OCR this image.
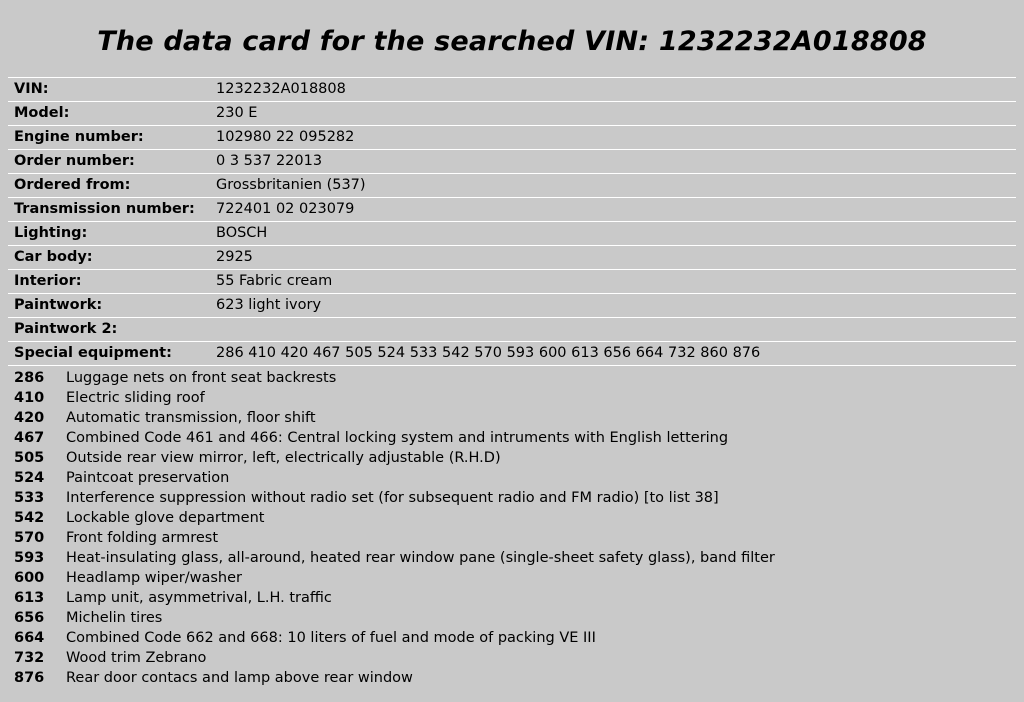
The data card for the searched VIN: 1232232A018808
VIN:	1232232A018808
Model:	230 E
Engine number:	102980 22 095282
Order number:	0 3 537 22013
Ordered from:	Grossbritanien (537)
Transmission number:	722401 02 023079
Lighting:	BOSCH
Car body:	2925
Interior:	55 Fabric cream
Paintwork:	623 light ivory
Paintwork 2:	
Special equipment:	286 410 420 467 505 524 533 542 570 593 600 613 656 664 732 860 876
286	Luggage nets on front seat backrests
410	Electric sliding roof
420	Automatic transmission, floor shift
467	Combined Code 461 and 466: Central locking system and intruments with English lettering
505	Outside rear view mirror, left, electrically adjustable (R.H.D)
524	Paintcoat preservation
533	Interference suppression without radio set (for subsequent radio and FM radio) [to list 38]
542	Lockable glove department
570	Front folding armrest
593	Heat-insulating glass, all-around, heated rear window pane (single-sheet safety glass), band filter
600	Headlamp wiper/washer
613	Lamp unit, asymmetrival, L.H. traffic
656	Michelin tires
664	Combined Code 662 and 668: 10 liters of fuel and mode of packing VE III
732	Wood trim Zebrano
876	Rear door contacs and lamp above rear window
